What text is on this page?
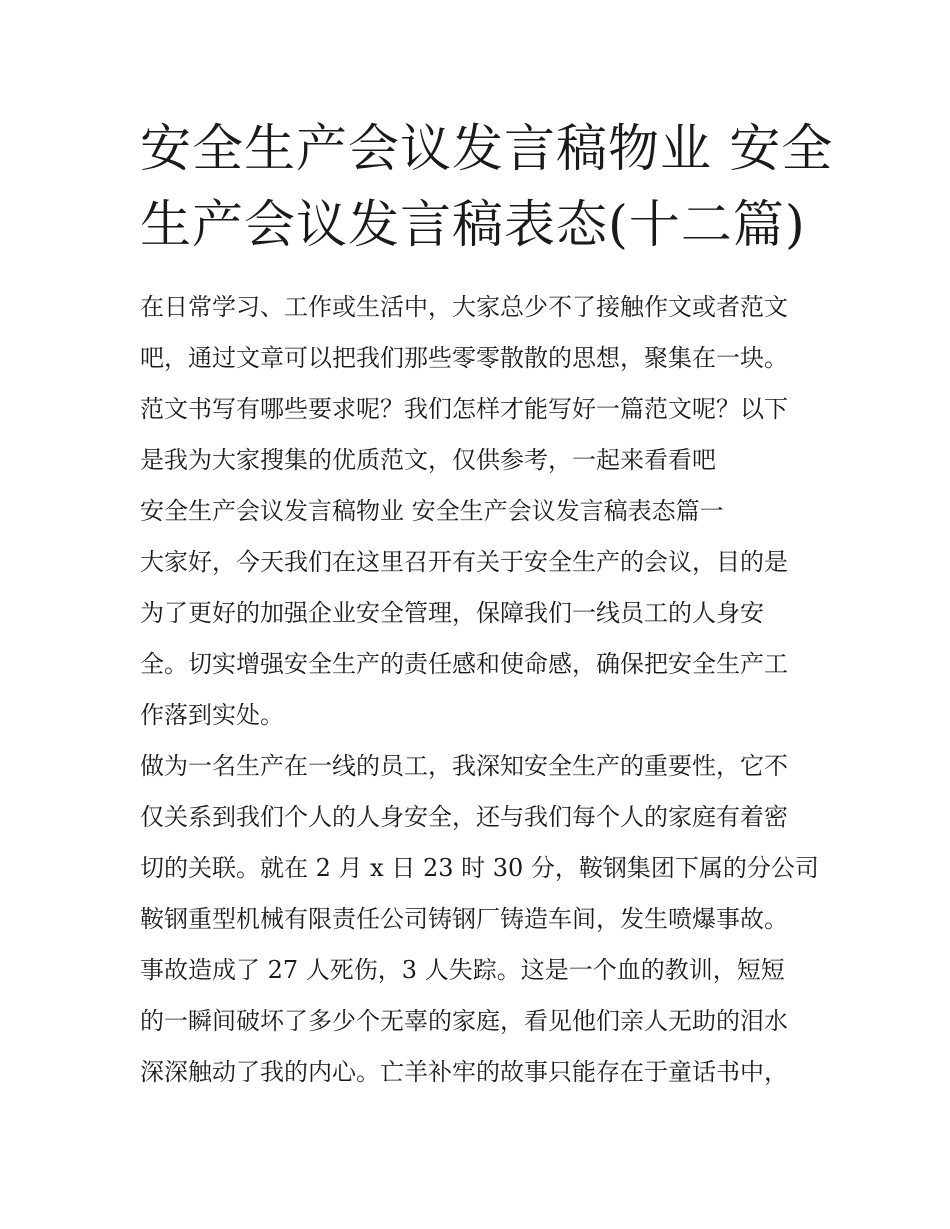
安全生产会议发言稿物业 安全
生产会议发言稿表态(十二篇)

在日常学习、工作或生活中，大家总少不了接触作文或者范文
吧，通过文章可以把我们那些零零散散的思想，聚集在一块。
范文书写有哪些要求呢？我们怎样才能写好一篇范文呢？以下
是我为大家搜集的优质范文，仅供参考，一起来看看吧

安全生产会议发言稿物业 安全生产会议发言稿表态篇一

大家好，今天我们在这里召开有关于安全生产的会议，目的是
为了更好的加强企业安全管理，保障我们一线员工的人身安
全。切实增强安全生产的责任感和使命感，确保把安全生产工
作落到实处。

做为一名生产在一线的员工，我深知安全生产的重要性，它不
仅关系到我们个人的人身安全，还与我们每个人的家庭有着密
切的关联。就在 2 月 x 日 23 时 30 分，鞍钢集团下属的分公司
鞍钢重型机械有限责任公司铸钢厂铸造车间，发生喷爆事故。
事故造成了 27 人死伤，3 人失踪。这是一个血的教训，短短
的一瞬间破坏了多少个无辜的家庭，看见他们亲人无助的泪水
深深触动了我的内心。亡羊补牢的故事只能存在于童话书中，
